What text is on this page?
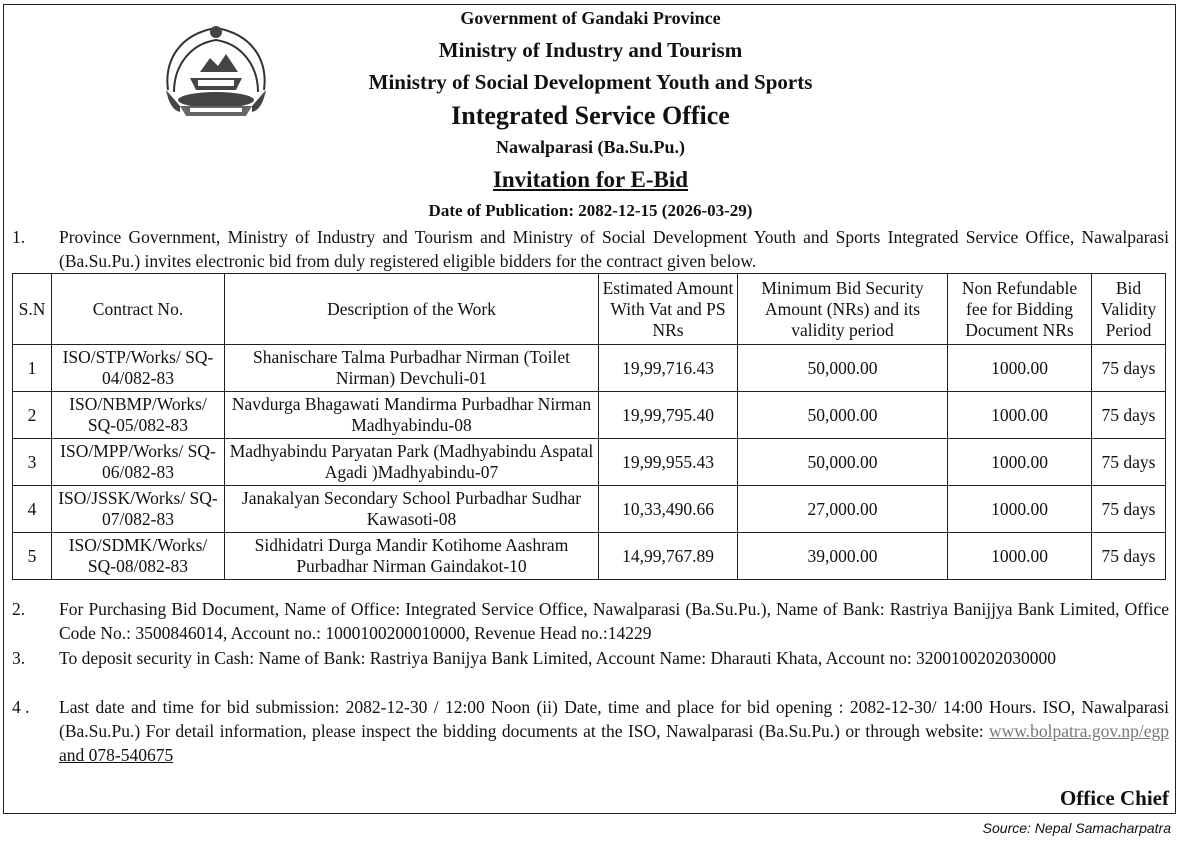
Government of Gandaki Province
Ministry of Industry and Tourism
Ministry of Social Development Youth and Sports
Integrated Service Office
Nawalparasi (Ba.Su.Pu.)
Invitation for E-Bid
Date of Publication: 2082-12-15 (2026-03-29)
1.	Province Government, Ministry of Industry and Tourism and Ministry of Social Development Youth and Sports Integrated Service Office, Nawalparasi (Ba.Su.Pu.) invites electronic bid from duly registered eligible bidders for the contract given below.
S.N	Contract No.	Description of the Work	Estimated Amount With Vat and PS NRs	Minimum Bid Security Amount (NRs) and its validity period	Non Refundable fee for Bidding Document NRs	Bid Validity Period
1	ISO/STP/Works/ SQ-04/082-83	Shanischare Talma Purbadhar Nirman (Toilet Nirman) Devchuli-01	19,99,716.43	50,000.00	1000.00	75 days
2	ISO/NBMP/Works/ SQ-05/082-83	Navdurga Bhagawati Mandirma Purbadhar Nirman Madhyabindu-08	19,99,795.40	50,000.00	1000.00	75 days
3	ISO/MPP/Works/ SQ-06/082-83	Madhyabindu Paryatan Park (Madhyabindu Aspatal Agadi )Madhyabindu-07	19,99,955.43	50,000.00	1000.00	75 days
4	ISO/JSSK/Works/ SQ-07/082-83	Janakalyan Secondary School Purbadhar Sudhar Kawasoti-08	10,33,490.66	27,000.00	1000.00	75 days
5	ISO/SDMK/Works/ SQ-08/082-83	Sidhidatri Durga Mandir Kotihome Aashram Purbadhar Nirman Gaindakot-10	14,99,767.89	39,000.00	1000.00	75 days
2.	For Purchasing Bid Document, Name of Office: Integrated Service Office, Nawalparasi (Ba.Su.Pu.), Name of Bank: Rastriya Banijjya Bank Limited, Office Code No.: 3500846014, Account no.: 1000100200010000, Revenue Head no.:14229
3.	To deposit security in Cash: Name of Bank: Rastriya Banijya Bank Limited, Account Name: Dharauti Khata, Account no: 3200100202030000
4 .	Last date and time for bid submission: 2082-12-30 / 12:00 Noon (ii) Date, time and place for bid opening : 2082-12-30/ 14:00 Hours. ISO, Nawalparasi (Ba.Su.Pu.) For detail information, please inspect the bidding documents at the ISO, Nawalparasi (Ba.Su.Pu.) or through website: www.bolpatra.gov.np/egp and 078-540675
Office Chief
Source: Nepal Samacharpatra
